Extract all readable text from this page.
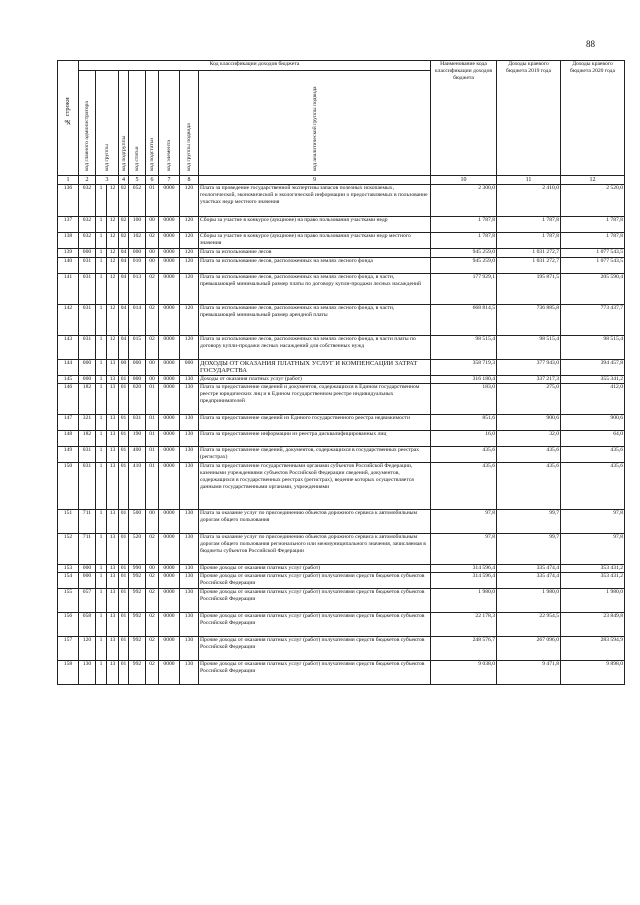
88
№ строки	Код классификации доходов бюджета									Наименование кода классификации доходов бюджета	Доходы краевого бюджета 2019 года	Доходы краевого бюджета 2020 года	

	код главного администратора	код группы		код подгруппы	код статьи	код подстатьи	код элемента	код группы подвида	код аналитической группы подвида				

1	2	3		4	5	6	7	8	9	10	11	12	
136	032	1	12	02	052	01	0000	120	Плата за проведение государственной экспертизы запасов полезных ископаемых, геологической, экономической и экологической информации о предоставляемых в пользование участках недр местного значения	2 300,0	2 410,0	2 520,0	
137	032	1	12	02	100	00	0000	120	Сборы за участие в конкурсе (аукционе) на право пользования участками недр	1 787,8	1 787,8	1 787,8	
138	032	1	12	02	102	02	0000	120	Сборы за участие в конкурсе (аукционе) на право пользования участками недр местного значения	1 787,8	1 787,8	1 787,8	
139	000	1	12	04	000	00	0000	120	Плата за использование лесов	945 259,0	1 031 272,7	1 077 543,5	
140	031	1	12	04	010	00	0000	120	Плата за использование лесов, расположенных на землях лесного фонда	945 259,0	1 031 272,7	1 077 543,5	
141	031	1	12	04	013	02	0000	120	Плата за использование лесов, расположенных на землях лесного фонда, в части, превышающей минимальный размер платы по договору купли-продажи лесных насаждений	177 929,1	195 871,5	205 590,4	
142	031	1	12	04	014	02	0000	120	Плата за использование лесов, расположенных на землях лесного фонда, в части, превышающей минимальный размер арендной платы	668 814,5	736 885,8	773 437,7	
143	031	1	12	04	015	02	0000	120	Плата за использование лесов, расположенных на землях лесного фонда, в части платы по договору купли-продажи лесных насаждений для собственных нужд	98 515,4	98 515,4	98 515,4	
144	000	1	13	00	000	00	0000	000	ДОХОДЫ ОТ ОКАЗАНИЯ ПЛАТНЫХ УСЛУГ И КОМПЕНСАЦИИ ЗАТРАТ ГОСУДАРСТВА	358 719,3	377 943,0	394 457,8	
145	000	1	13	01	000	00	0000	130	Доходы от оказания платных услуг (работ)	316 180,4	337 217,3	355 341,2	
146	182	1	13	01	020	01	0000	130	Плата за предоставление сведений и документов, содержащихся в Едином государственном реестре юридических лиц и в Едином государственном реестре индивидуальных предпринимателей	183,0	275,0	412,0	
147	321	1	13	01	031	01	0000	130	Плата за предоставление сведений из Единого государственного реестра недвижимости	851,6	900,6	900,6	
148	182	1	13	01	190	01	0000	130	Плата за предоставление информации из реестра дисквалифицированных лиц	16,0	32,0	64,0	
149	031	1	13	01	400	01	0000	130	Плата за предоставление сведений, документов, содержащихся в государственных реестрах (регистрах)	435,6	435,6	435,6	
150	031	1	13	01	410	01	0000	130	Плата за предоставление государственными органами субъектов Российской Федерации, казенными учреждениями субъектов Российской Федерации сведений, документов, содержащихся в государственных реестрах (регистрах), ведение которых осуществляется данными государственными органами, учреждениями	435,6	435,6	435,6	
151	711	1	13	01	500	00	0000	130	Плата за оказание услуг по присоединению объектов дорожного сервиса к автомобильным дорогам общего пользования	97,8	99,7	97,8	
152	711	1	13	01	520	02	0000	130	Плата за оказание услуг по присоединению объектов дорожного сервиса к автомобильным дорогам общего пользования регионального или межмуниципального значения, зачисляемая в бюджеты субъектов Российской Федерации	97,8	99,7	97,8	
153	000	1	13	01	990	00	0000	130	Прочие доходы от оказания платных услуг (работ)	314 596,4	335 474,4	353 431,2	
154	000	1	13	01	992	02	0000	130	Прочие доходы от оказания платных услуг (работ) получателями средств бюджетов субъектов Российской Федерации	314 596,4	335 474,4	353 431,2	
155	057	1	13	01	992	02	0000	130	Прочие доходы от оказания платных услуг (работ) получателями средств бюджетов субъектов Российской Федерации	1 980,0	1 980,0	1 980,0	
156	058	1	13	01	992	02	0000	130	Прочие доходы от оказания платных услуг (работ) получателями средств бюджетов субъектов Российской Федерации	22 178,3	22 954,5	23 849,8	
157	120	1	13	01	992	02	0000	130	Прочие доходы от оказания платных услуг (работ) получателями средств бюджетов субъектов Российской Федерации	248 576,7	267 096,0	283 594,9	
158	130	1	13	01	992	02	0000	130	Прочие доходы от оказания платных услуг (работ) получателями средств бюджетов субъектов Российской Федерации	9 038,0	9 471,8	9 898,0	
